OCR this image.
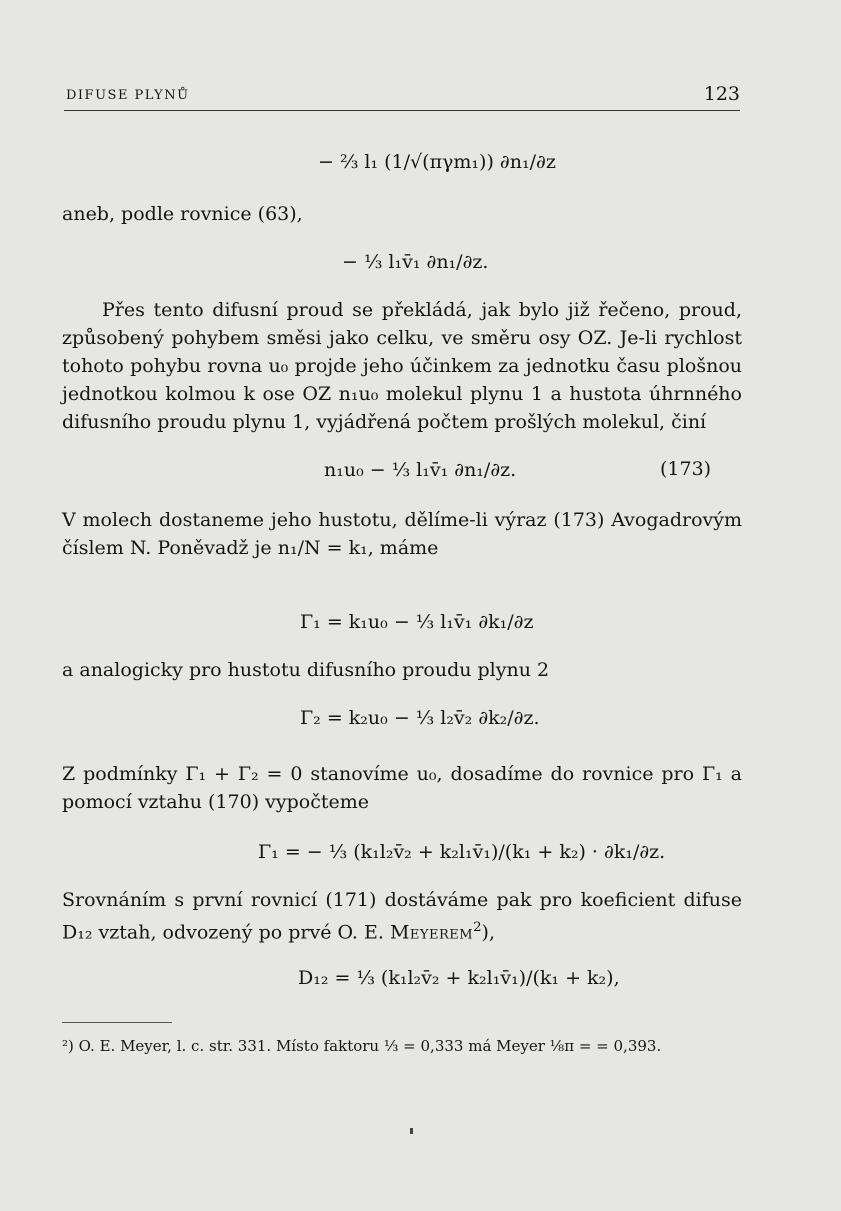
DIFUSE PLYNŮ	123
− ⅔ l₁ (1/√(πγm₁)) ∂n₁/∂z
aneb, podle rovnice (63),
− ⅓ l₁v̄₁ ∂n₁/∂z.
Přes tento difusní proud se překládá, jak bylo již řečeno, proud, způsobený pohybem směsi jako celku, ve směru osy OZ. Je-li rychlost tohoto pohybu rovna u₀ projde jeho účinkem za jednotku času plošnou jednotkou kolmou k ose OZ n₁u₀ molekul plynu 1 a hustota úhrnného difusního proudu plynu 1, vyjádřená počtem prošlých molekul, činí
n₁u₀ − ⅓ l₁v̄₁ ∂n₁/∂z.	(173)
V molech dostaneme jeho hustotu, dělíme-li výraz (173) Avogadrovým číslem N. Poněvadž je n₁/N = k₁, máme
Γ₁ = k₁u₀ − ⅓ l₁v̄₁ ∂k₁/∂z
a analogicky pro hustotu difusního proudu plynu 2
Γ₂ = k₂u₀ − ⅓ l₂v̄₂ ∂k₂/∂z.
Z podmínky Γ₁ + Γ₂ = 0 stanovíme u₀, dosadíme do rovnice pro Γ₁ a pomocí vztahu (170) vypočteme
Γ₁ = − ⅓ (k₁l₂v̄₂ + k₂l₁v̄₁)/(k₁ + k₂) · ∂k₁/∂z.
Srovnáním s první rovnicí (171) dostáváme pak pro koeficient difuse D₁₂ vztah, odvozený po prvé O. E. Meyerem$^2$),
D₁₂ = ⅓ (k₁l₂v̄₂ + k₂l₁v̄₁)/(k₁ + k₂),
²) O. E. Meyer, l. c. str. 331. Místo faktoru ⅓ = 0,333 má Meyer ⅛π = = 0,393.
